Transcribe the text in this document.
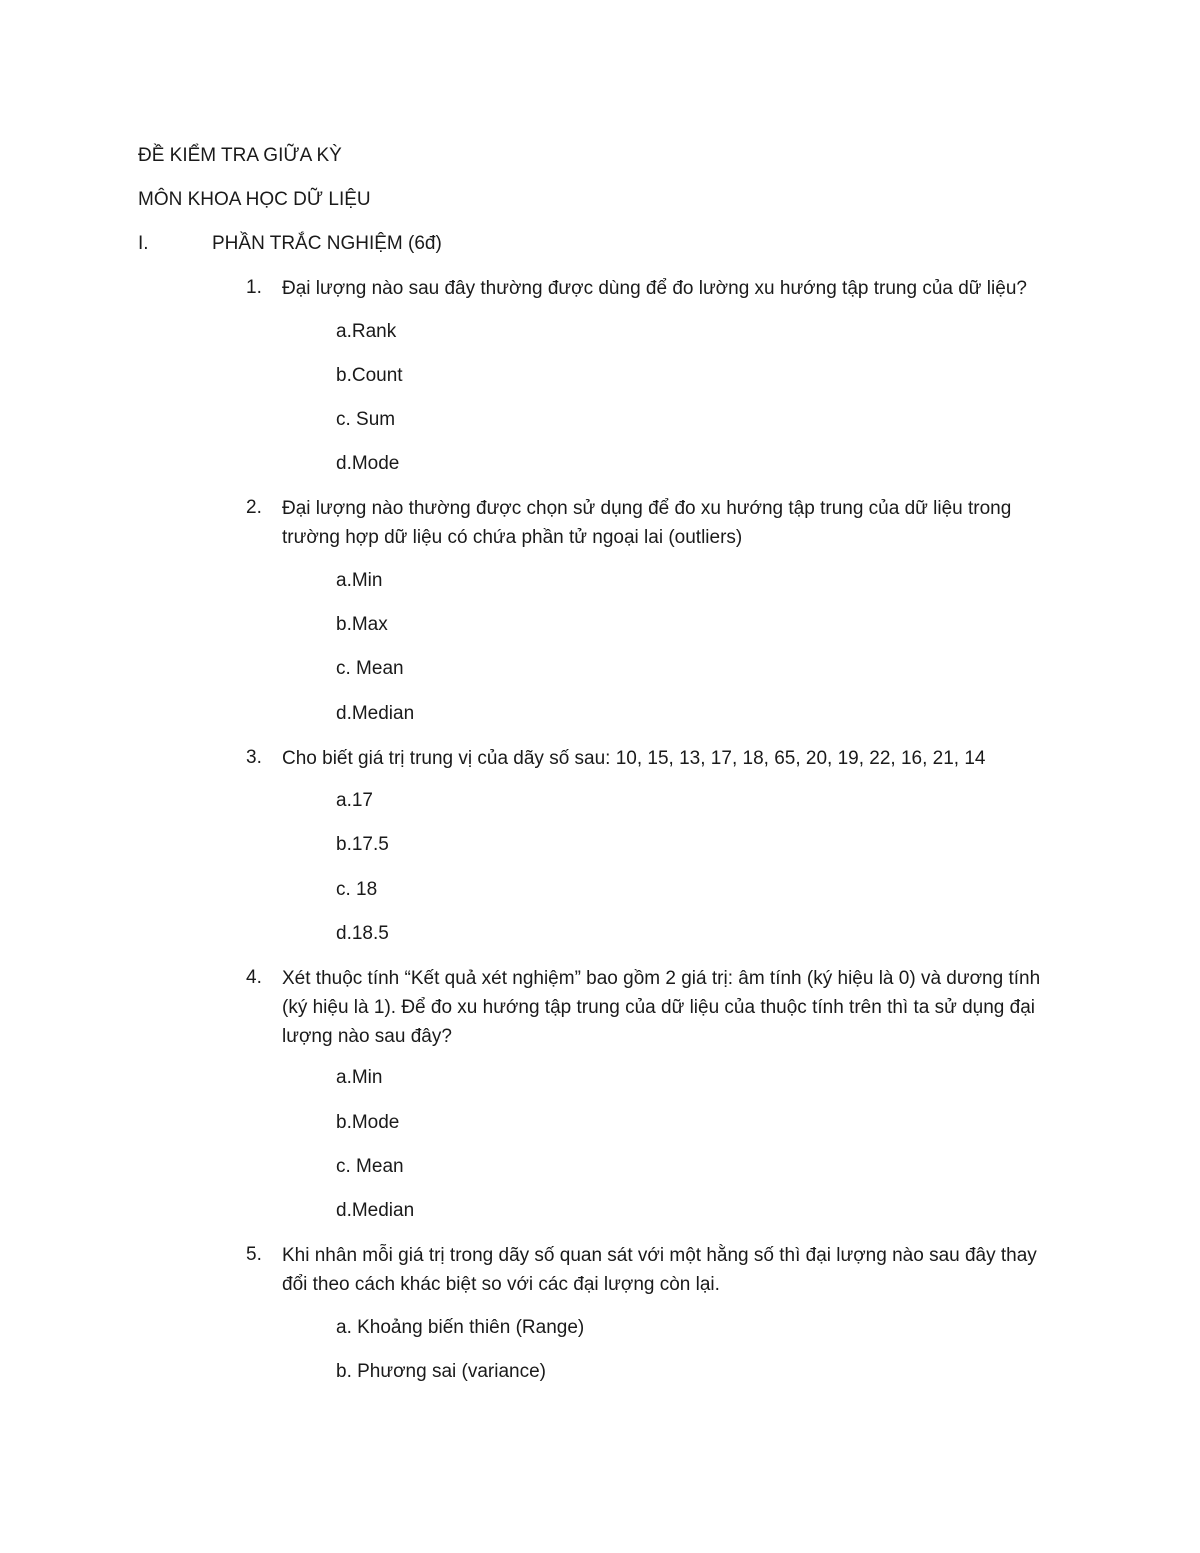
ĐỀ KIỂM TRA GIỮA KỲ
MÔN KHOA HỌC DỮ LIỆU
I.	PHẦN TRẮC NGHIỆM (6đ)
1. Đại lượng nào sau đây thường được dùng để đo lường xu hướng tập trung của dữ liệu?
a.Rank
b.Count
c. Sum
d.Mode
2. Đại lượng nào thường được chọn sử dụng để đo xu hướng tập trung của dữ liệu trong trường hợp dữ liệu có chứa phần tử ngoại lai (outliers)
a.Min
b.Max
c. Mean
d.Median
3. Cho biết giá trị trung vị của dãy số sau: 10, 15, 13, 17, 18, 65, 20, 19, 22, 16, 21, 14
a.17
b.17.5
c. 18
d.18.5
4. Xét thuộc tính “Kết quả xét nghiệm” bao gồm 2 giá trị: âm tính (ký hiệu là 0) và dương tính (ký hiệu là 1). Để đo xu hướng tập trung của dữ liệu của thuộc tính trên thì ta sử dụng đại lượng nào sau đây?
a.Min
b.Mode
c. Mean
d.Median
5. Khi nhân mỗi giá trị trong dãy số quan sát với một hằng số thì đại lượng nào sau đây thay đổi theo cách khác biệt so với các đại lượng còn lại.
a. Khoảng biến thiên (Range)
b. Phương sai (variance)
